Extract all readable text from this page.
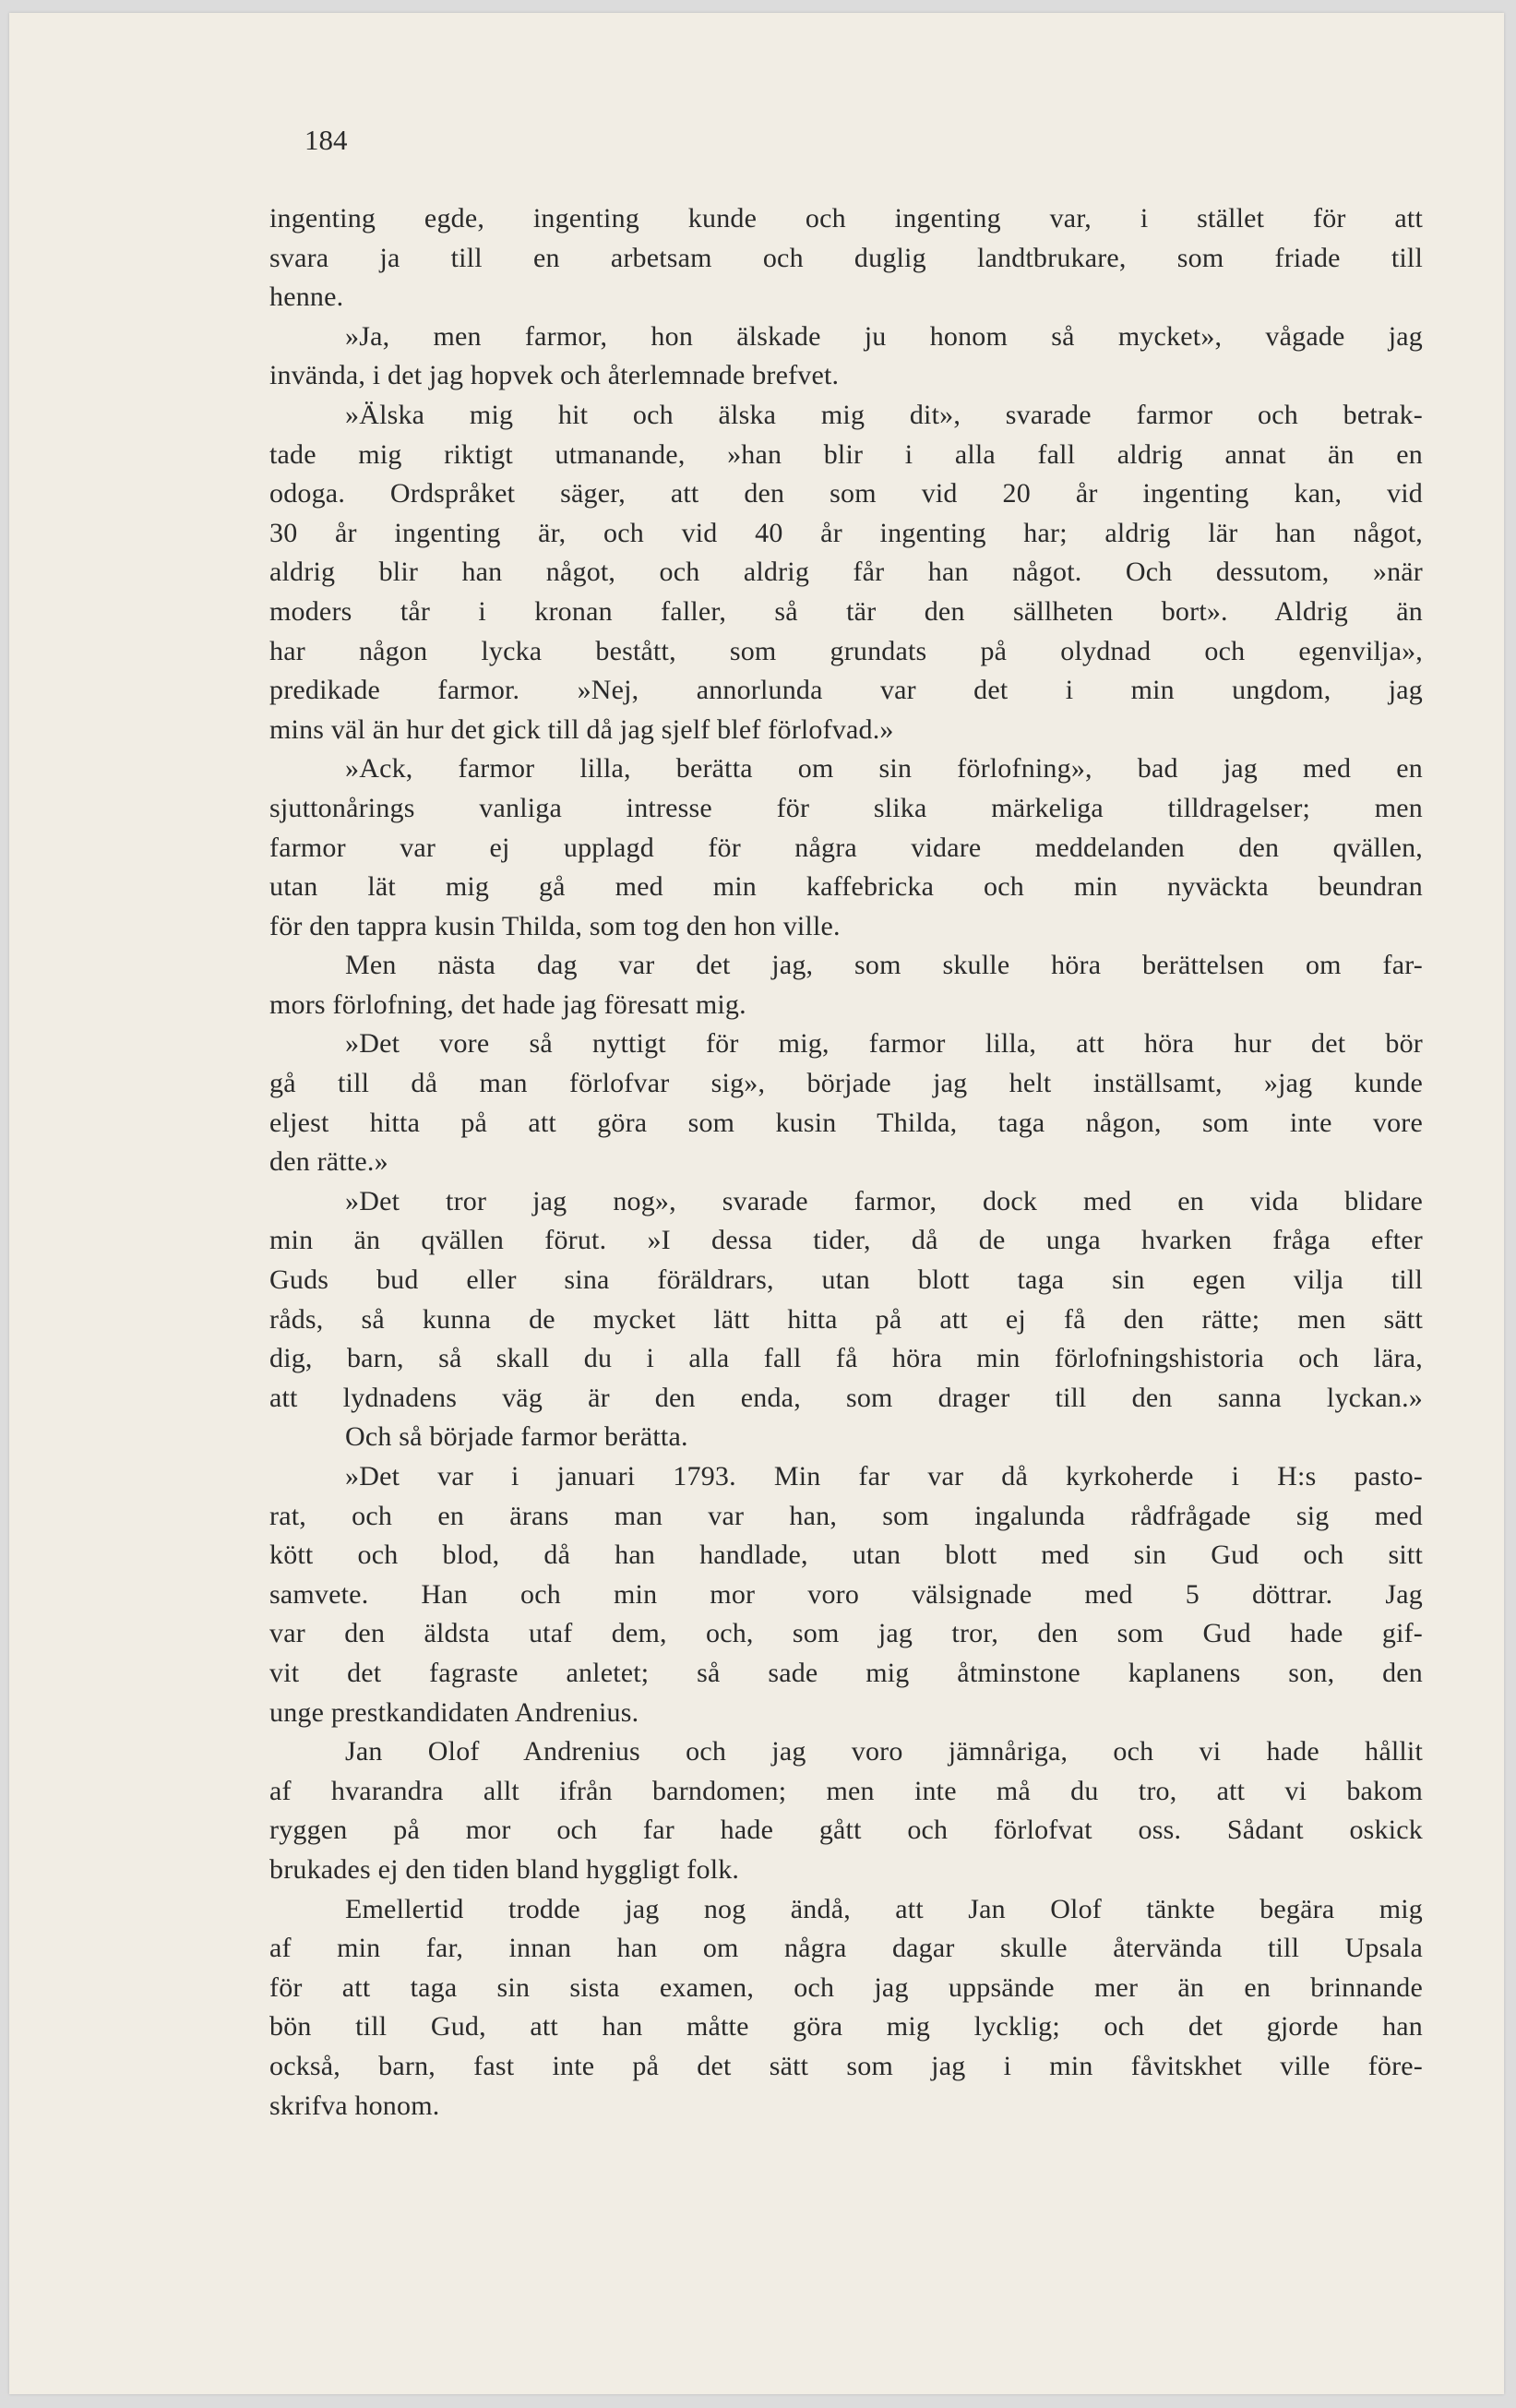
184
ingenting egde, ingenting kunde och ingenting var, i stället för att
svara ja till en arbetsam och duglig landtbrukare, som friade till
henne.
»Ja, men farmor, hon älskade ju honom så mycket», vågade jag
invända, i det jag hopvek och återlemnade brefvet.
»Älska mig hit och älska mig dit», svarade farmor och betrak-
tade mig riktigt utmanande, »han blir i alla fall aldrig annat än en
odoga. Ordspråket säger, att den som vid 20 år ingenting kan, vid
30 år ingenting är, och vid 40 år ingenting har; aldrig lär han något,
aldrig blir han något, och aldrig får han något. Och dessutom, »när
moders tår i kronan faller, så tär den sällheten bort». Aldrig än
har någon lycka bestått, som grundats på olydnad och egenvilja»,
predikade farmor. »Nej, annorlunda var det i min ungdom, jag
mins väl än hur det gick till då jag sjelf blef förlofvad.»
»Ack, farmor lilla, berätta om sin förlofning», bad jag med en
sjuttonårings vanliga intresse för slika märkeliga tilldragelser; men
farmor var ej upplagd för några vidare meddelanden den qvällen,
utan lät mig gå med min kaffebricka och min nyväckta beundran
för den tappra kusin Thilda, som tog den hon ville.
Men nästa dag var det jag, som skulle höra berättelsen om far-
mors förlofning, det hade jag föresatt mig.
»Det vore så nyttigt för mig, farmor lilla, att höra hur det bör
gå till då man förlofvar sig», började jag helt inställsamt, »jag kunde
eljest hitta på att göra som kusin Thilda, taga någon, som inte vore
den rätte.»
»Det tror jag nog», svarade farmor, dock med en vida blidare
min än qvällen förut. »I dessa tider, då de unga hvarken fråga efter
Guds bud eller sina föräldrars, utan blott taga sin egen vilja till
råds, så kunna de mycket lätt hitta på att ej få den rätte; men sätt
dig, barn, så skall du i alla fall få höra min förlofningshistoria och lära,
att lydnadens väg är den enda, som drager till den sanna lyckan.»
Och så började farmor berätta.
»Det var i januari 1793. Min far var då kyrkoherde i H:s pasto-
rat, och en ärans man var han, som ingalunda rådfrågade sig med
kött och blod, då han handlade, utan blott med sin Gud och sitt
samvete. Han och min mor voro välsignade med 5 döttrar. Jag
var den äldsta utaf dem, och, som jag tror, den som Gud hade gif-
vit det fagraste anletet; så sade mig åtminstone kaplanens son, den
unge prestkandidaten Andrenius.
Jan Olof Andrenius och jag voro jämnåriga, och vi hade hållit
af hvarandra allt ifrån barndomen; men inte må du tro, att vi bakom
ryggen på mor och far hade gått och förlofvat oss. Sådant oskick
brukades ej den tiden bland hyggligt folk.
Emellertid trodde jag nog ändå, att Jan Olof tänkte begära mig
af min far, innan han om några dagar skulle återvända till Upsala
för att taga sin sista examen, och jag uppsände mer än en brinnande
bön till Gud, att han måtte göra mig lycklig; och det gjorde han
också, barn, fast inte på det sätt som jag i min fåvitskhet ville före-
skrifva honom.
